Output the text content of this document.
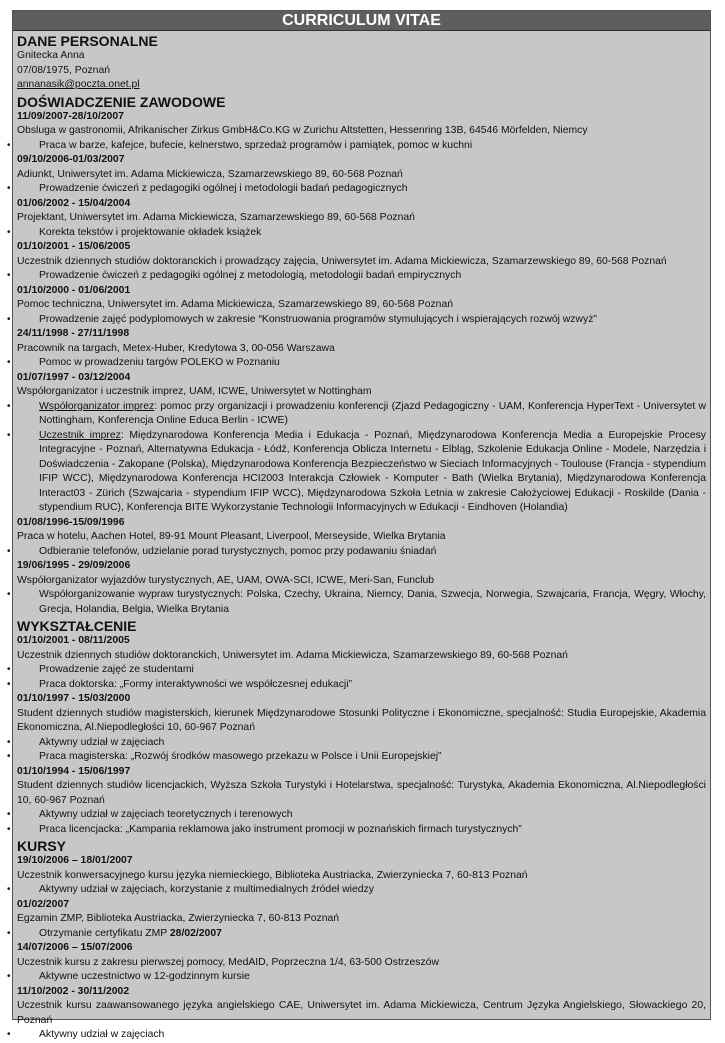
CURRICULUM VITAE
DANE PERSONALNE
Gnitecka Anna
07/08/1975, Poznań
annanasik@poczta.onet.pl
DOŚWIADCZENIE ZAWODOWE
11/09/2007-28/10/2007
Obsluga w gastronomii, Afrikanischer Zirkus GmbH&Co.KG w Zurichu Altstetten, Hessenring 13B, 64546 Mörfelden, Niemcy
• Praca w barze, kafejce, bufecie, kelnerstwo, sprzedaż programów i pamiątek, pomoc w kuchni
09/10/2006-01/03/2007
Adiunkt, Uniwersytet im. Adama Mickiewicza, Szamarzewskiego 89, 60-568 Poznań
• Prowadzenie ćwiczeń z pedagogiki ogólnej i metodologii badań pedagogicznych
01/06/2002 - 15/04/2004
Projektant, Uniwersytet im. Adama Mickiewicza, Szamarzewskiego 89, 60-568 Poznań
• Korekta tekstów i projektowanie okładek książek
01/10/2001 - 15/06/2005
Uczestnik dziennych studiów doktoranckich i prowadzący zajęcia, Uniwersytet im. Adama Mickiewicza, Szamarzewskiego 89, 60-568 Poznań
• Prowadzenie ćwiczeń z pedagogiki ogólnej z metodologią, metodologii badań empirycznych
01/10/2000 - 01/06/2001
Pomoc techniczna, Uniwersytet im. Adama Mickiewicza, Szamarzewskiego 89, 60-568 Poznań
• Prowadzenie zajęć podyplomowych w zakresie “Konstruowania programów stymulujących i wspierających rozwój wzwyż”
24/11/1998 - 27/11/1998
Pracownik na targach, Metex-Huber, Kredytowa 3, 00-056 Warszawa
• Pomoc w prowadzeniu targów POLEKO w Poznaniu
01/07/1997 - 03/12/2004
Współorganizator i uczestnik imprez, UAM, ICWE, Uniwersytet w Nottingham
• Współorganizator imprez: pomoc przy organizacji i prowadzeniu konferencji (Zjazd Pedagogiczny - UAM, Konferencja HyperText - Universytet w Nottingham, Konferencja Online Educa Berlin - ICWE)
• Uczestnik imprez: Międzynarodowa Konferencja Media i Edukacja - Poznań, Międzynarodowa Konferencja Media a Europejskie Procesy Integracyjne - Poznań, Alternatywna Edukacja - Łódź, Konferencja Oblicza Internetu - Elbląg, Szkolenie Edukacja Online - Modele, Narzędzia i Doświadczenia - Zakopane (Polska), Międzynarodowa Konferencja Bezpieczeństwo w Sieciach Informacyjnych - Toulouse (Francja - stypendium IFIP WCC), Międzynarodowa Konferencja HCI2003 Interakcja Człowiek - Komputer - Bath (Wielka Brytania), Międzynarodowa Konferencja Interact03 - Zürich (Szwajcaria - stypendium IFIP WCC), Międzynarodowa Szkoła Letnia w zakresie Całożyciowej Edukacji - Roskilde (Dania - stypendium RUC), Konferencja BITE Wykorzystanie Technologii Informacyjnych w Edukacji - Eindhoven (Holandia)
01/08/1996-15/09/1996
Praca w hotelu, Aachen Hotel, 89-91 Mount Pleasant, Liverpool, Merseyside, Wielka Brytania
• Odbieranie telefonów, udzielanie porad turystycznych, pomoc przy podawaniu śniadań
19/06/1995 - 29/09/2006
Współorganizator wyjazdów turystycznych, AE, UAM, OWA-SCI, ICWE, Meri-San, Funclub
• Współorganizowanie wypraw turystycznych: Polska, Czechy, Ukraina, Niemcy, Dania, Szwecja, Norwegia, Szwajcaria, Francja, Węgry, Włochy, Grecja, Holandia, Belgia, Wielka Brytania
WYKSZTAŁCENIE
01/10/2001 - 08/11/2005
Uczestnik dziennych studiów doktoranckich, Uniwersytet im. Adama Mickiewicza, Szamarzewskiego 89, 60-568 Poznań
• Prowadzenie zajęć ze studentami
• Praca doktorska: „Formy interaktywności we współczesnej edukacji”
01/10/1997 - 15/03/2000
Student dziennych studiów magisterskich, kierunek Międzynarodowe Stosunki Polityczne i Ekonomiczne, specjalność: Studia Europejskie, Akademia Ekonomiczna, Al.Niepodległości 10, 60-967 Poznań
• Aktywny udział w zajęciach
• Praca magisterska: „Rozwój środków masowego przekazu w Polsce i Unii Europejskiej”
01/10/1994 - 15/06/1997
Student dziennych studiów licencjackich, Wyższa Szkoła Turystyki i Hotelarstwa, specjalność: Turystyka, Akademia Ekonomiczna, Al.Niepodległości 10, 60-967 Poznań
• Aktywny udział w zajęciach teoretycznych i terenowych
• Praca licencjacka: „Kampania reklamowa jako instrument promocji w poznańskich firmach turystycznych”
KURSY
19/10/2006 – 18/01/2007
Uczestnik konwersacyjnego kursu języka niemieckiego, Biblioteka Austriacka, Zwierzyniecka 7, 60-813 Poznań
• Aktywny udział w zajęciach, korzystanie z multimedialnych źródeł wiedzy
01/02/2007
Egzamin ZMP, Biblioteka Austriacka, Zwierzyniecka 7, 60-813 Poznań
• Otrzymanie certyfikatu ZMP 28/02/2007
14/07/2006 – 15/07/2006
Uczestnik kursu z zakresu pierwszej pomocy, MedAID, Poprzeczna 1/4, 63-500 Ostrzeszów
• Aktywne uczestnictwo w 12-godzinnym kursie
11/10/2002 - 30/11/2002
Uczestnik kursu zaawansowanego języka angielskiego CAE, Uniwersytet im. Adama Mickiewicza, Centrum Języka Angielskiego, Słowackiego 20, Poznań
• Aktywny udział w zajęciach
